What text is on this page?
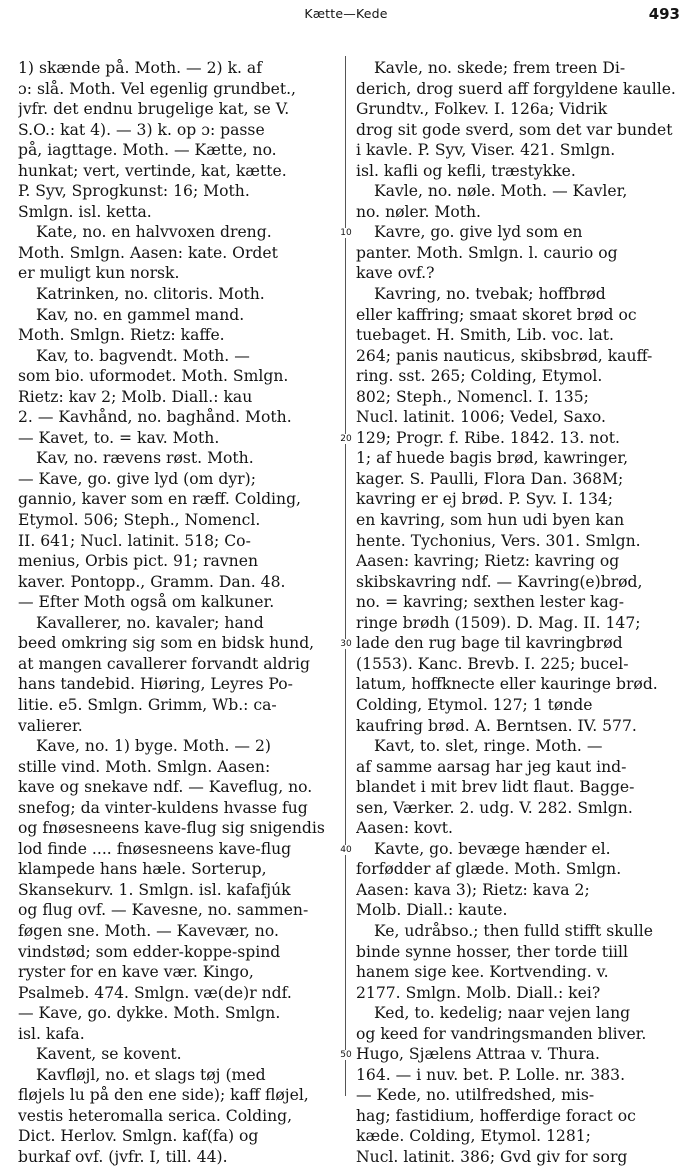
Kætte—Kede	493
1) skænde på. Moth. — 2) k. af
ɔ: slå. Moth. Vel egenlig grundbet.,
jvfr. det endnu brugelige kat, se V.
S.O.: kat 4). — 3) k. op ɔ: passe
på, iagttage. Moth. — Kætte, no.
hunkat; vert, vertinde, kat, kætte.
P. Syv, Sprogkunst: 16; Moth.
Smlgn. isl. ketta.
Kate, no. en halvvoxen dreng.
Moth. Smlgn. Aasen: kate. Ordet
er muligt kun norsk.
Katrinken, no. clitoris. Moth.
Kav, no. en gammel mand.
Moth. Smlgn. Rietz: kaffe.
Kav, to. bagvendt. Moth. —
som bio. uformodet. Moth. Smlgn.
Rietz: kav 2; Molb. Diall.: kau
2. — Kavhånd, no. baghånd. Moth.
— Kavet, to. = kav. Moth.
Kav, no. rævens røst. Moth.
— Kave, go. give lyd (om dyr);
gannio, kaver som en ræff. Colding,
Etymol. 506; Steph., Nomencl.
II. 641; Nucl. latinit. 518; Co-
menius, Orbis pict. 91; ravnen
kaver. Pontopp., Gramm. Dan. 48.
— Efter Moth også om kalkuner.
Kavallerer, no. kavaler; hand
beed omkring sig som en bidsk hund,
at mangen cavallerer forvandt aldrig
hans tandebid. Hiøring, Leyres Po-
litie. e5. Smlgn. Grimm, Wb.: ca-
valierer.
Kave, no. 1) byge. Moth. — 2)
stille vind. Moth. Smlgn. Aasen:
kave og snekave ndf. — Kaveflug, no.
snefog; da vinter-kuldens hvasse fug
og fnøsesneens kave-flug sig snigendis
lod finde .... fnøsesneens kave-flug
klampede hans hæle. Sorterup,
Skansekurv. 1. Smlgn. isl. kafafjúk
og flug ovf. — Kavesne, no. sammen-
føgen sne. Moth. — Kavevær, no.
vindstød; som edder-koppe-spind
ryster for en kave vær. Kingo,
Psalmeb. 474. Smlgn. væ(de)r ndf.
— Kave, go. dykke. Moth. Smlgn.
isl. kafa.
Kavent, se kovent.
Kavfløjl, no. et slags tøj (med
fløjels lu på den ene side); kaff fløjel,
vestis heteromalla serica. Colding,
Dict. Herlov. Smlgn. kaf(fa) og
burkaf ovf. (jvfr. I, till. 44).
Kavle, no. skede; frem treen Di-
derich, drog suerd aff forgyldene kaulle.
Grundtv., Folkev. I. 126a; Vidrik
drog sit gode sverd, som det var bundet
i kavle. P. Syv, Viser. 421. Smlgn.
isl. kafli og kefli, træstykke.
Kavle, no. nøle. Moth. — Kavler,
no. nøler. Moth.
Kavre, go. give lyd som en
panter. Moth. Smlgn. l. caurio og
kave ovf.?
Kavring, no. tvebak; hoffbrød
eller kaffring; smaat skoret brød oc
tuebaget. H. Smith, Lib. voc. lat.
264; panis nauticus, skibsbrød, kauff-
ring. sst. 265; Colding, Etymol.
802; Steph., Nomencl. I. 135;
Nucl. latinit. 1006; Vedel, Saxo.
129; Progr. f. Ribe. 1842. 13. not.
1; af huede bagis brød, kawringer,
kager. S. Paulli, Flora Dan. 368M;
kavring er ej brød. P. Syv. I. 134;
en kavring, som hun udi byen kan
hente. Tychonius, Vers. 301. Smlgn.
Aasen: kavring; Rietz: kavring og
skibskavring ndf. — Kavring(e)brød,
no. = kavring; sexthen lester kag-
ringe brødh (1509). D. Mag. II. 147;
lade den rug bage til kavringbrød
(1553). Kanc. Brevb. I. 225; bucel-
latum, hoffknecte eller kauringe brød.
Colding, Etymol. 127; 1 tønde
kaufring brød. A. Berntsen. IV. 577.
Kavt, to. slet, ringe. Moth. —
af samme aarsag har jeg kaut ind-
blandet i mit brev lidt flaut. Bagge-
sen, Værker. 2. udg. V. 282. Smlgn.
Aasen: kovt.
Kavte, go. bevæge hænder el.
forfødder af glæde. Moth. Smlgn.
Aasen: kava 3); Rietz: kava 2;
Molb. Diall.: kaute.
Ke, udråbso.; then fulld stifft skulle
binde synne hosser, ther torde tiill
hanem sige kee. Kortvending. v.
2177. Smlgn. Molb. Diall.: kei?
Ked, to. kedelig; naar vejen lang
og keed for vandringsmanden bliver.
Hugo, Sjælens Attraa v. Thura.
164. — i nuv. bet. P. Lolle. nr. 383.
— Kede, no. utilfredshed, mis-
hag; fastidium, hofferdige foract oc
kæde. Colding, Etymol. 1281;
Nucl. latinit. 386; Gvd giv for sorg
10
20
30
40
50
